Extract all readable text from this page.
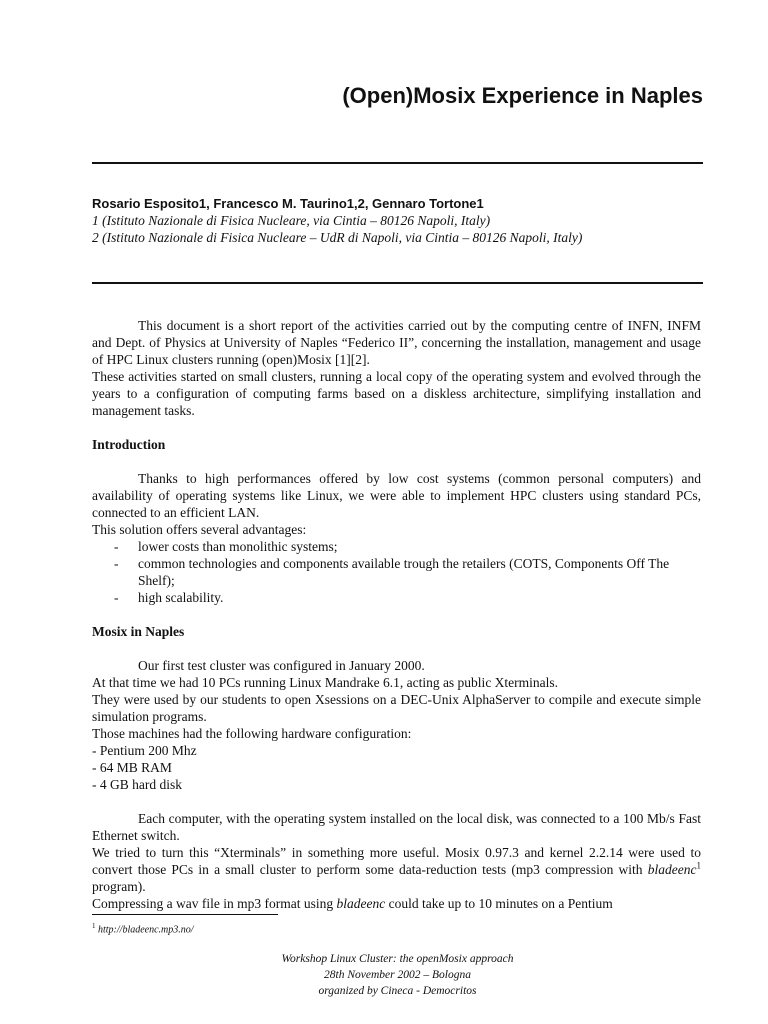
(Open)Mosix Experience in Naples
Rosario Esposito1, Francesco M. Taurino1,2, Gennaro Tortone1
1 (Istituto Nazionale di Fisica Nucleare, via Cintia – 80126 Napoli, Italy)
2 (Istituto Nazionale di Fisica Nucleare – UdR di Napoli, via Cintia – 80126 Napoli, Italy)

This document is a short report of the activities carried out by the computing centre of INFN, INFM and Dept. of Physics at University of Naples “Federico II”, concerning the installation, management and usage of HPC Linux clusters running (open)Mosix [1][2].

These activities started on small clusters, running a local copy of the operating system and evolved through the years to a configuration of computing farms based on a diskless architecture, simplifying installation and management tasks.

Introduction

Thanks to high performances offered by low cost systems (common personal computers) and availability of operating systems like Linux, we were able to implement HPC clusters using standard PCs, connected to an efficient LAN.

This solution offers several advantages:

- lower costs than monolithic systems;
- common technologies and components available trough the retailers (COTS, Components Off The Shelf);
- high scalability.
Mosix in Naples

Our first test cluster was configured in January 2000.

At that time we had 10 PCs running Linux Mandrake 6.1, acting as public Xterminals.

They were used by our students to open Xsessions on a DEC-Unix AlphaServer to compile and execute simple simulation programs.

Those machines had the following hardware configuration:

- Pentium 200 Mhz

- 64 MB RAM

- 4 GB hard disk

Each computer, with the operating system installed on the local disk, was connected to a 100 Mb/s Fast Ethernet switch.

We tried to turn this “Xterminals” in something more useful. Mosix 0.97.3 and kernel 2.2.14 were used to convert those PCs in a small cluster to perform some data-reduction tests (mp3 compression with bladeenc$^1$ program).

Compressing a wav file in mp3 format using bladeenc could take up to 10 minutes on a Pentium

$^1$ http://bladeenc.mp3.no/
Workshop Linux Cluster: the openMosix approach
28th November 2002 – Bologna
organized by Cineca - Democritos
